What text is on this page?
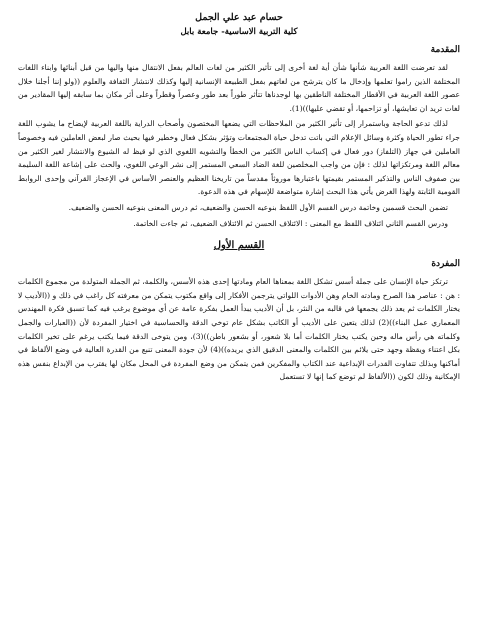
حسام عبد علي الجمل
كلية التربية الاساسية- جامعة بابل
المقدمة

لقد تعرضت اللغة العربية شأنها شأن أية لغة أخرى إلى تأثير الكثير من لغات العالم بفعل الانتقال منها واليها من قبل أبنائها وابناء اللغات المختلفة الذين راموا تعلمها وإدخال ما كان يترشح من لغاتهم بفعل الطبيعة الإنسانية إليها وكذلك لانتشار الثقافة والعلوم ((ولو إننا أجلنا خلال عصور اللغة العربية في الأقطار المختلفة الناطقين بها لوجدناها تتأثر طوراً بعد طور وعصراً وقطراً وعلى أثر مكان بما سابقه إليها المقادير من لغات تريد ان تعايشها، أو تزاحمها، أو تقضي عليها))(1).

لذلك تدعو الحاجة وباستمرار إلى تأثير الكثير من الملاحظات التي يضعها المختصون وأصحاب الدراية باللغة العربية لإيضاح ما يشوب اللغة جراء تطور الحياة وكثرة وسائل الإعلام التي باتت تدخل حياة المجتمعات وتؤثر بشكل فعال وخطير فيها بحيث صار لبعض العاملين فيه وخصوصاً العاملين في جهاز (التلفاز) دور فعال في إكساب الناس الكثير من الخطأ والتشويه اللغوي الذي لو قيظ له الشيوع والانتشار لغير الكثير من معالم اللغة ومرتكزاتها لذلك : فإن من واجب المخلصين للغة الضاد السعي المستمر إلى نشر الوعي اللغوي، والحث على إشاعة اللغة السليمة بين صفوف الناس والتذكير المستمر بقيمتها باعتبارها موروثاً مقدساً من تاريخنا العظيم والعنصر الأساس في الإعجاز القرآني وإحدى الروابط القومية الثابتة ولهذا الغرض يأتي هذا البحث إشارة متواضعة للإسهام في هذه الدعوة.

تضمن البحث قسمين وخاتمة درس القسم الأول اللفظ بنوعيه الحسن والضعيف، ثم درس المعنى بنوعيه الحسن والضعيف.

ودرس القسم الثاني ائتلاف اللفظ مع المعنى : الائتلاف الحسن ثم الائتلاف الضعيف، ثم جاءت الخاتمة.

القسم الأول
المفردة

ترتكز حياة الإنسان على جملة أسس تشكل اللغة بمعناها العام ومادتها إحدى هذه الأسس، والكلمة، ثم الجملة المتولدة من مجموع الكلمات : هن : عناصر هذا الصرح ومادته الخام وهن الأدوات اللواتي يترجمن الأفكار إلى واقع مكتوب يتمكن من معرفته كل راغب في ذلك و ((الأديب لا يختار الكلمات ثم يعد ذلك يجمعها في قالبه من النثر، بل أن الأديب يبدأ العمل بفكرة عامة عن أي موضوع يرغب فيه كما تسبق فكرة المهندس المعماري عمل البناء))(2) لذلك يتعين على الأديب أو الكاتب بشكل عام توخي الدقة والحساسية في اختيار المفردة لأن ((العبارات والجمل وكلماته هي رأس ماله وحين يكتب يختار الكلمات أما بلا شعور، أو بشعور باطن))(3)، ومن يتوخى الدقة فيما يكتب يرغم على تخير الكلمات بكل اعتناء ويقظة وجهد حتى يلائم بين الكلمات والمعنى الدقيق الذي يريده))(4) لأن جودة المعنى تنبع من القدرة العالية في وضع الألفاظ في أماكنها وبذلك تتفاوت القدرات الإبداعية عند الكتاب والمفكرين فمن يتمكن من وضع المفردة في المحل مكان لها يقترب من الإبداع بنفس هذه الإمكانية وذلك لكون ((الألفاظ لم توضع كما إنها لا تستعمل
